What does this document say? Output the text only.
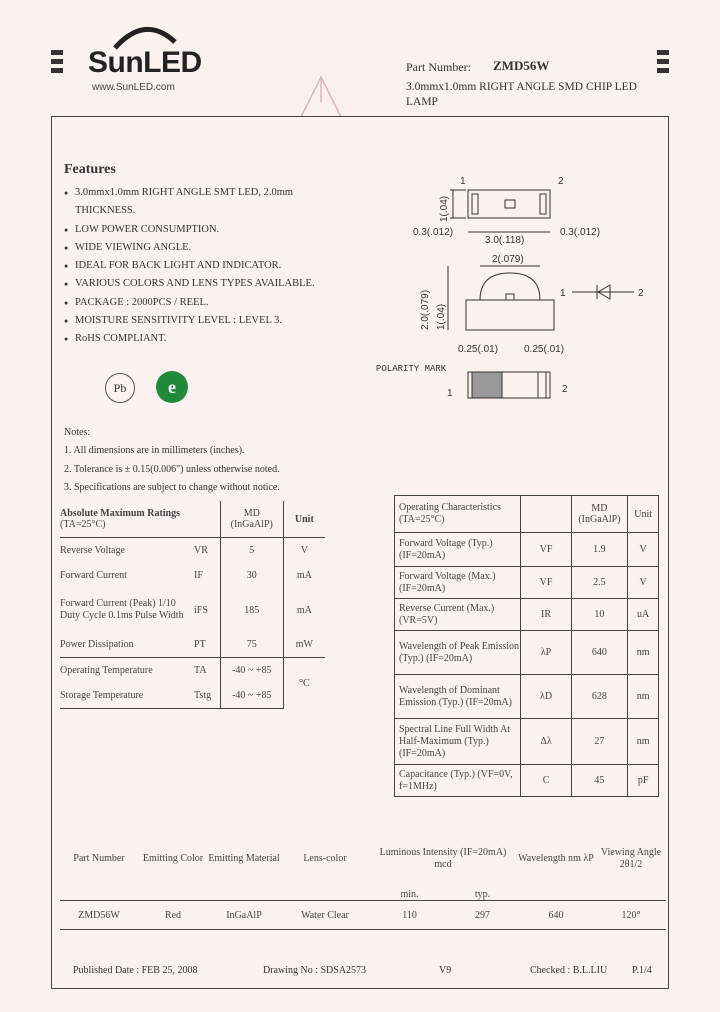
SunLED
www.SunLED.com
Part Number: ZMD56W
3.0mmx1.0mm RIGHT ANGLE SMD CHIP LED LAMP
Features
● 3.0mmx1.0mm RIGHT ANGLE SMT LED, 2.0mm THICKNESS.
● LOW POWER CONSUMPTION.
● WIDE VIEWING ANGLE.
● IDEAL FOR BACK LIGHT AND INDICATOR.
● VARIOUS COLORS AND LENS TYPES AVAILABLE.
● PACKAGE : 2000PCS / REEL.
● MOISTURE SENSITIVITY LEVEL : LEVEL 3.
● RoHS COMPLIANT.
Pb	e
Notes:
1. All dimensions are in millimeters (inches).
2. Tolerance is ± 0.15(0.006") unless otherwise noted.
3. Specifications are subject to change without notice.
1(.04)
1	2
0.3(.012)
3.0(.118)
0.3(.012)
2(.079)
2.0(.079) 1(.04)
1	2
0.25(.01)	0.25(.01)
POLARITY MARK
1	2
Absolute Maximum Ratings
(TA=25°C)		MD
(InGaAlP)	Unit
Reverse Voltage	VR	5	V
Forward Current	IF	30	mA
Forward Current (Peak) 1/10 Duty Cycle 0.1ms Pulse Width	iFS	185	mA
Power Dissipation	PT	75	mW
Operating Temperature	TA	-40 ~ +85	°C
Storage Temperature	Tstg	-40 ~ +85	
Operating Characteristics
(TA=25°C)		MD
(InGaAlP)	Unit
Forward Voltage (Typ.) (IF=20mA)	VF	1.9	V
Forward Voltage (Max.) (IF=20mA)	VF	2.5	V
Reverse Current (Max.) (VR=5V)	IR	10	uA
Wavelength of Peak Emission (Typ.) (IF=20mA)	λP	640	nm
Wavelength of Dominant Emission (Typ.) (IF=20mA)	λD	628	nm
Spectral Line Full Width At Half-Maximum (Typ.) (IF=20mA)	Δλ	27	nm
Capacitance (Typ.) (VF=0V, f=1MHz)	C	45	pF
Part Number	Emitting Color	Emitting Material	Lens-color	Luminous Intensity (IF=20mA) mcd		Wavelength nm λP	Viewing Angle 2θ1/2
				min.	typ.		
ZMD56W	Red	InGaAlP	Water Clear	110	297	640	120°
Published Date : FEB 25, 2008	Drawing No : SDSA2573	V9	Checked : B.L.LIU P.1/4
